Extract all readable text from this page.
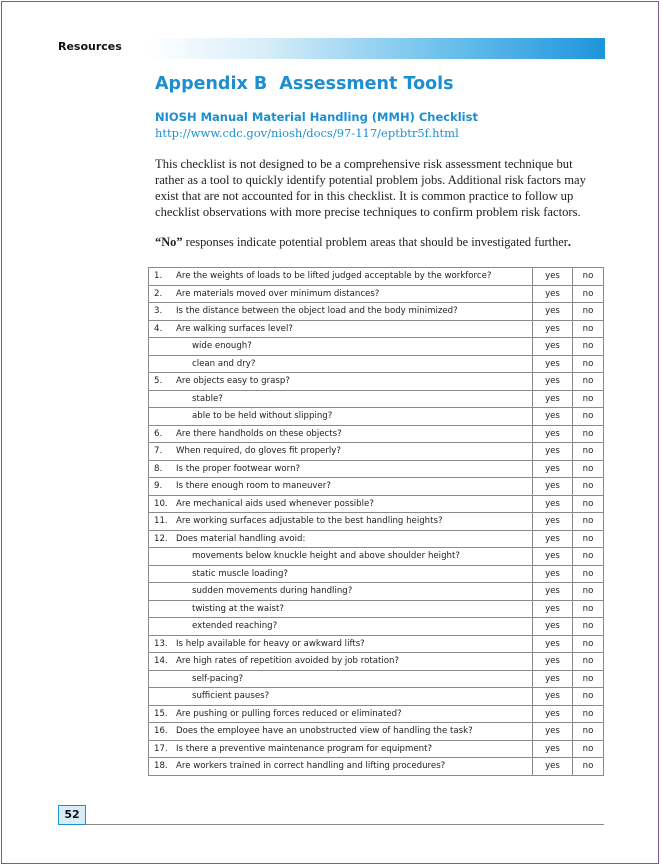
Resources
Appendix B  Assessment Tools
NIOSH Manual Material Handling (MMH) Checklist
http://www.cdc.gov/niosh/docs/97-117/eptbtr5f.html

This checklist is not designed to be a comprehensive risk assessment technique but rather as a tool to quickly identify potential problem jobs. Additional risk factors may exist that are not accounted for in this checklist. It is common practice to follow up checklist observations with more precise techniques to confirm problem risk factors.

“No” responses indicate potential problem areas that should be investigated further.
1. Are the weights of loads to be lifted judged acceptable by the workforce?	yes	no
2. Are materials moved over minimum distances?	yes	no
3. Is the distance between the object load and the body minimized?	yes	no
4. Are walking surfaces level?	yes	no
wide enough?	yes	no
clean and dry?	yes	no
5. Are objects easy to grasp?	yes	no
stable?	yes	no
able to be held without slipping?	yes	no
6. Are there handholds on these objects?	yes	no
7. When required, do gloves fit properly?	yes	no
8. Is the proper footwear worn?	yes	no
9. Is there enough room to maneuver?	yes	no
10. Are mechanical aids used whenever possible?	yes	no
11. Are working surfaces adjustable to the best handling heights?	yes	no
12. Does material handling avoid:	yes	no
movements below knuckle height and above shoulder height?	yes	no
static muscle loading?	yes	no
sudden movements during handling?	yes	no
twisting at the waist?	yes	no
extended reaching?	yes	no
13. Is help available for heavy or awkward lifts?	yes	no
14. Are high rates of repetition avoided by job rotation?	yes	no
self-pacing?	yes	no
sufficient pauses?	yes	no
15. Are pushing or pulling forces reduced or eliminated?	yes	no
16. Does the employee have an unobstructed view of handling the task?	yes	no
17. Is there a preventive maintenance program for equipment?	yes	no
18. Are workers trained in correct handling and lifting procedures?	yes	no
52
